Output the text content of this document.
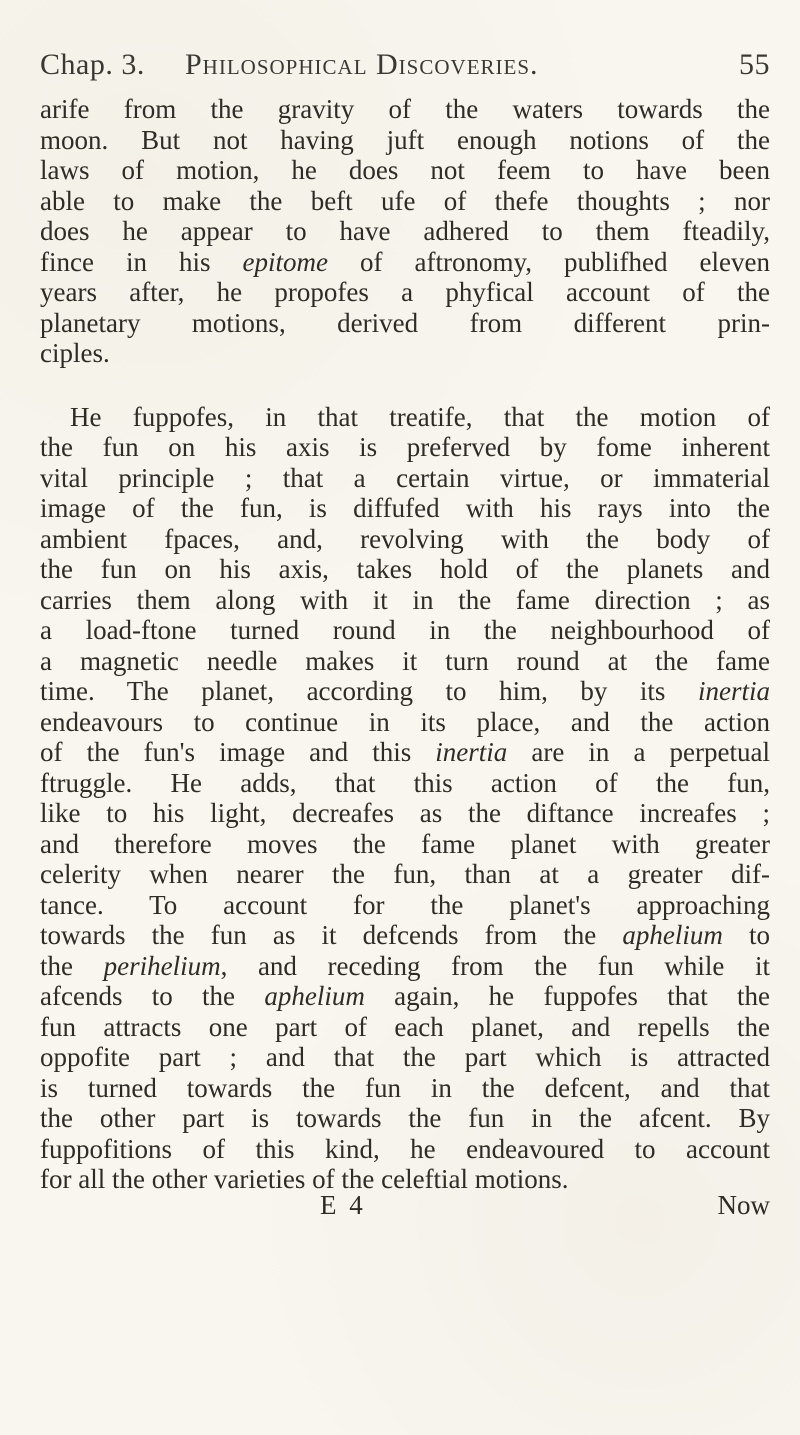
Chap. 3. Philosophical Discoveries.	55
arife from the gravity of the waters towards the
moon. But not having juft enough notions of the
laws of motion, he does not feem to have been
able to make the beft ufe of thefe thoughts ; nor
does he appear to have adhered to them fteadily,
fince in his epitome of aftronomy, publifhed eleven
years after, he propofes a phyfical account of the
planetary motions, derived from different prin-
ciples.
He fuppofes, in that treatife, that the motion of
the fun on his axis is preferved by fome inherent
vital principle ; that a certain virtue, or immaterial
image of the fun, is diffufed with his rays into the
ambient fpaces, and, revolving with the body of
the fun on his axis, takes hold of the planets and
carries them along with it in the fame direction ; as
a load-ftone turned round in the neighbourhood of
a magnetic needle makes it turn round at the fame
time. The planet, according to him, by its inertia
endeavours to continue in its place, and the action
of the fun's image and this inertia are in a perpetual
ftruggle. He adds, that this action of the fun,
like to his light, decreafes as the diftance increafes ;
and therefore moves the fame planet with greater
celerity when nearer the fun, than at a greater dif-
tance. To account for the planet's approaching
towards the fun as it defcends from the aphelium to
the perihelium, and receding from the fun while it
afcends to the aphelium again, he fuppofes that the
fun attracts one part of each planet, and repells the
oppofite part ; and that the part which is attracted
is turned towards the fun in the defcent, and that
the other part is towards the fun in the afcent. By
fuppofitions of this kind, he endeavoured to account
for all the other varieties of the celeftial motions.
E 4	Now
